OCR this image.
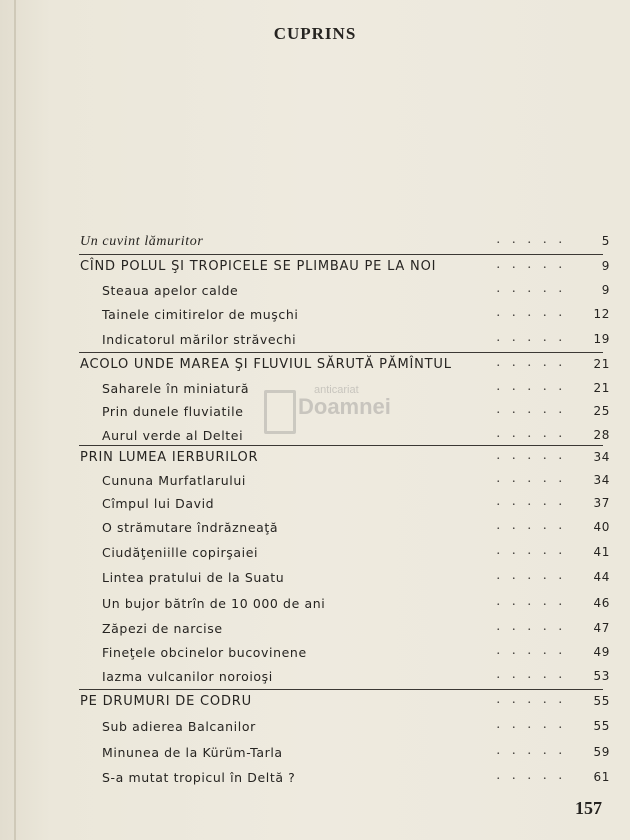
CUPRINS
Un cuvint lămuritor	.....	5
CÎND POLUL ŞI TROPICELE SE PLIMBAU PE LA NOI	.....	9
Steaua apelor calde	.....	9
Tainele cimitirelor de muşchi	.....	12
Indicatorul mărilor străvechi	.....	19
ACOLO UNDE MAREA ŞI FLUVIUL SĂRUTĂ PĂMÎNTUL	.....	21
Saharele în miniatură	.....	21
Prin dunele fluviatile	.....	25
Aurul verde al Deltei	.....	28
PRIN LUMEA IERBURILOR	.....	34
Cununa Murfatlarului	.....	34
Cîmpul lui David	.....	37
O strămutare îndrăzneaţă	.....	40
Ciudăţeniille copirşaiei	.....	41
Lintea pratului de la Suatu	.....	44
Un bujor bătrîn de 10 000 de ani	.....	46
Zăpezi de narcise	.....	47
Fineţele obcinelor bucovinene	.....	49
Iazma vulcanilor noroioşi	.....	53
PE DRUMURI DE CODRU	.....	55
Sub adierea Balcanilor	.....	55
Minunea de la Kürüm-Tarla	.....	59
S-a mutat tropicul în Deltă ?	.....	61
anticariat
Doamnei
157
